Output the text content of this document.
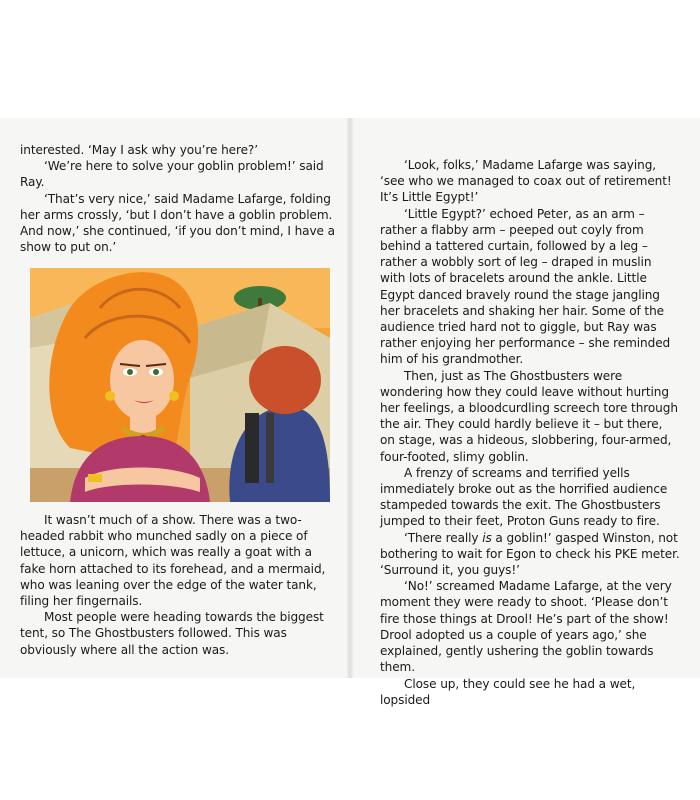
interested. ‘May I ask why you’re here?’

‘We’re here to solve your goblin problem!’ said Ray.

‘That’s very nice,’ said Madame Lafarge, folding her arms crossly, ‘but I don’t have a goblin problem. And now,’ she continued, ‘if you don’t mind, I have a show to put on.’

It wasn’t much of a show. There was a two-headed rabbit who munched sadly on a piece of lettuce, a unicorn, which was really a goat with a fake horn attached to its forehead, and a mermaid, who was leaning over the edge of the water tank, filing her fingernails.

Most people were heading towards the biggest tent, so The Ghostbusters followed. This was obviously where all the action was.

‘Look, folks,’ Madame Lafarge was saying, ‘see who we managed to coax out of retirement! It’s Little Egypt!’

‘Little Egypt?’ echoed Peter, as an arm – rather a flabby arm – peeped out coyly from behind a tattered curtain, followed by a leg – rather a wobbly sort of leg – draped in muslin with lots of bracelets around the ankle. Little Egypt danced bravely round the stage jangling her bracelets and shaking her hair. Some of the audience tried hard not to giggle, but Ray was rather enjoying her performance – she reminded him of his grandmother.

Then, just as The Ghostbusters were wondering how they could leave without hurting her feelings, a bloodcurdling screech tore through the air. They could hardly believe it – but there, on stage, was a hideous, slobbering, four-armed, four-footed, slimy goblin.

A frenzy of screams and terrified yells immediately broke out as the horrified audience stampeded towards the exit. The Ghostbusters jumped to their feet, Proton Guns ready to fire.

‘There really is a goblin!’ gasped Winston, not bothering to wait for Egon to check his PKE meter. ‘Surround it, you guys!’

‘No!’ screamed Madame Lafarge, at the very moment they were ready to shoot. ‘Please don’t fire those things at Drool! He’s part of the show! Drool adopted us a couple of years ago,’ she explained, gently ushering the goblin towards them.

Close up, they could see he had a wet, lopsided
